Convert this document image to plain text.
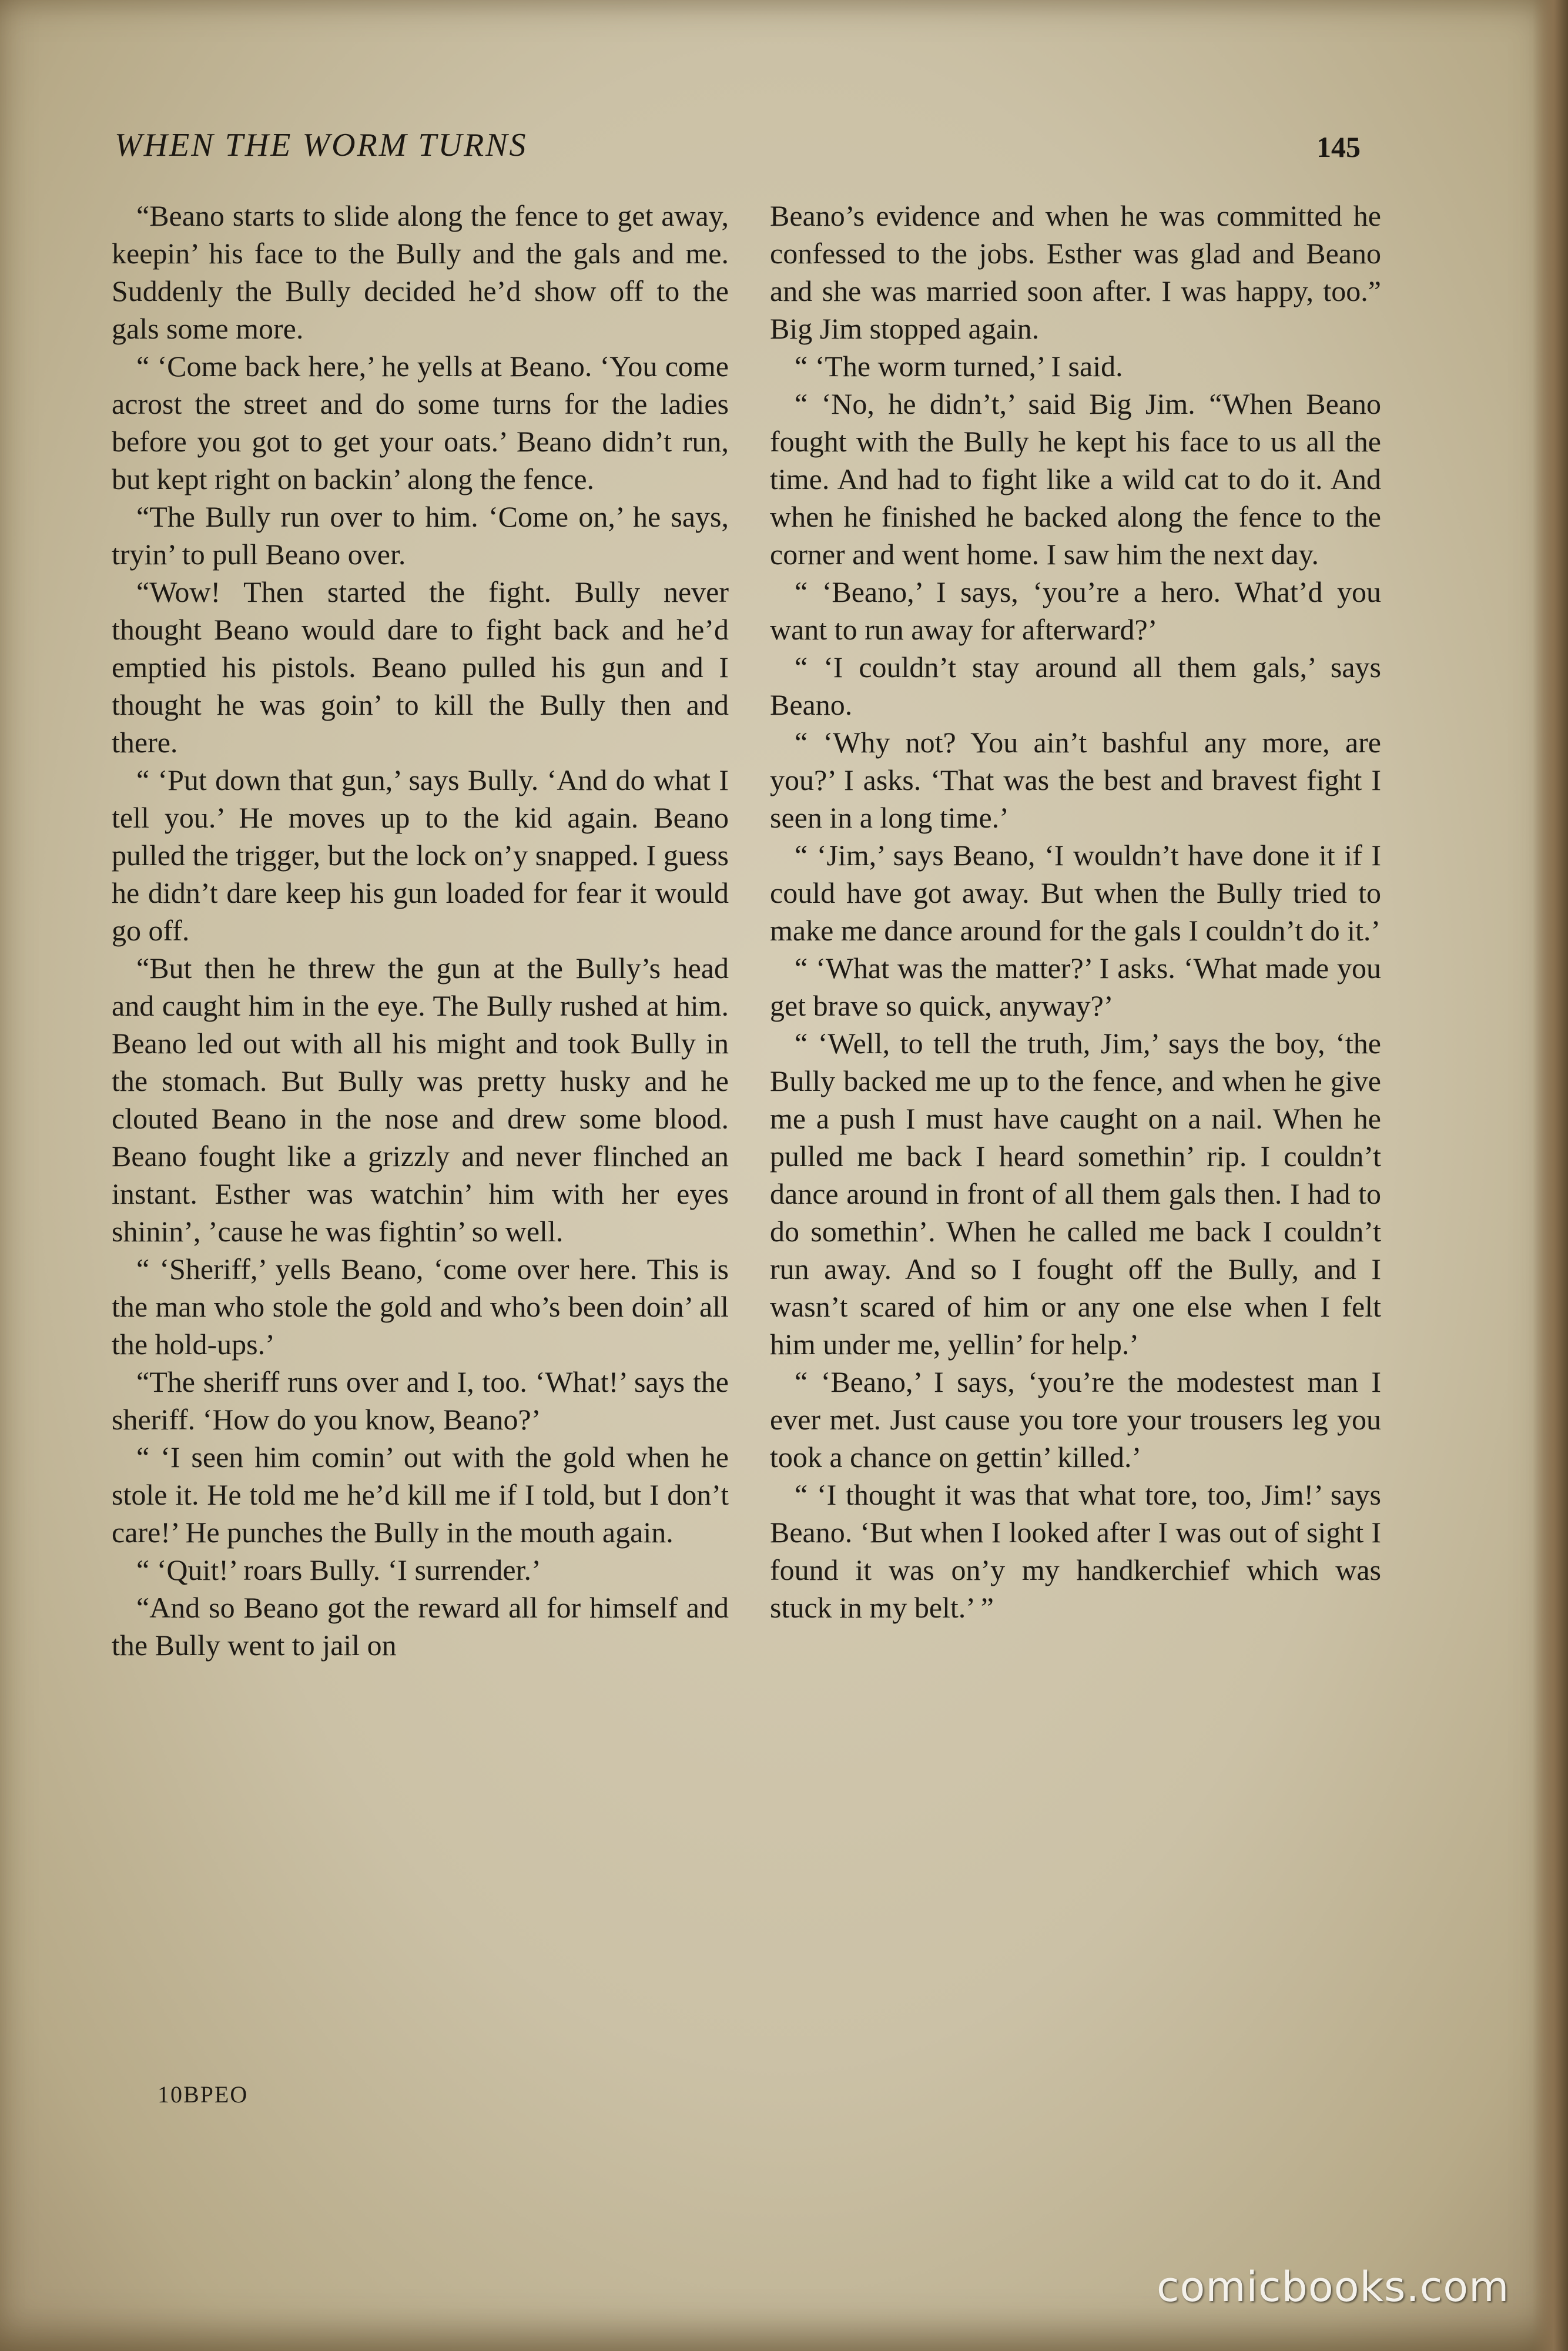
WHEN THE WORM TURNS	145

“Beano starts to slide along the fence to get away, keepin’ his face to the Bully and the gals and me. Suddenly the Bully decided he’d show off to the gals some more.

“ ‘Come back here,’ he yells at Beano. ‘You come acrost the street and do some turns for the ladies before you got to get your oats.’ Beano didn’t run, but kept right on backin’ along the fence.

“The Bully run over to him. ‘Come on,’ he says, tryin’ to pull Beano over.

“Wow! Then started the fight. Bully never thought Beano would dare to fight back and he’d emptied his pistols. Beano pulled his gun and I thought he was goin’ to kill the Bully then and there.

“ ‘Put down that gun,’ says Bully. ‘And do what I tell you.’ He moves up to the kid again. Beano pulled the trigger, but the lock on’y snapped. I guess he didn’t dare keep his gun loaded for fear it would go off.

“But then he threw the gun at the Bully’s head and caught him in the eye. The Bully rushed at him. Beano led out with all his might and took Bully in the stomach. But Bully was pretty husky and he clouted Beano in the nose and drew some blood. Beano fought like a grizzly and never flinched an instant. Esther was watchin’ him with her eyes shinin’, ’cause he was fightin’ so well.

“ ‘Sheriff,’ yells Beano, ‘come over here. This is the man who stole the gold and who’s been doin’ all the hold-ups.’

“The sheriff runs over and I, too. ‘What!’ says the sheriff. ‘How do you know, Beano?’

“ ‘I seen him comin’ out with the gold when he stole it. He told me he’d kill me if I told, but I don’t care!’ He punches the Bully in the mouth again.

“ ‘Quit!’ roars Bully. ‘I surrender.’

“And so Beano got the reward all for himself and the Bully went to jail on

10BPEO

Beano’s evidence and when he was committed he confessed to the jobs. Esther was glad and Beano and she was married soon after. I was happy, too.” Big Jim stopped again.

“ ‘The worm turned,’ I said.

“ ‘No, he didn’t,’ said Big Jim. “When Beano fought with the Bully he kept his face to us all the time. And had to fight like a wild cat to do it. And when he finished he backed along the fence to the corner and went home. I saw him the next day.

“ ‘Beano,’ I says, ‘you’re a hero. What’d you want to run away for afterward?’

“ ‘I couldn’t stay around all them gals,’ says Beano.

“ ‘Why not? You ain’t bashful any more, are you?’ I asks. ‘That was the best and bravest fight I seen in a long time.’

“ ‘Jim,’ says Beano, ‘I wouldn’t have done it if I could have got away. But when the Bully tried to make me dance around for the gals I couldn’t do it.’

“ ‘What was the matter?’ I asks. ‘What made you get brave so quick, anyway?’

“ ‘Well, to tell the truth, Jim,’ says the boy, ‘the Bully backed me up to the fence, and when he give me a push I must have caught on a nail. When he pulled me back I heard somethin’ rip. I couldn’t dance around in front of all them gals then. I had to do somethin’. When he called me back I couldn’t run away. And so I fought off the Bully, and I wasn’t scared of him or any one else when I felt him under me, yellin’ for help.’

“ ‘Beano,’ I says, ‘you’re the modestest man I ever met. Just cause you tore your trousers leg you took a chance on gettin’ killed.’

“ ‘I thought it was that what tore, too, Jim!’ says Beano. ‘But when I looked after I was out of sight I found it was on’y my handkerchief which was stuck in my belt.’ ”

comicbooks.com
